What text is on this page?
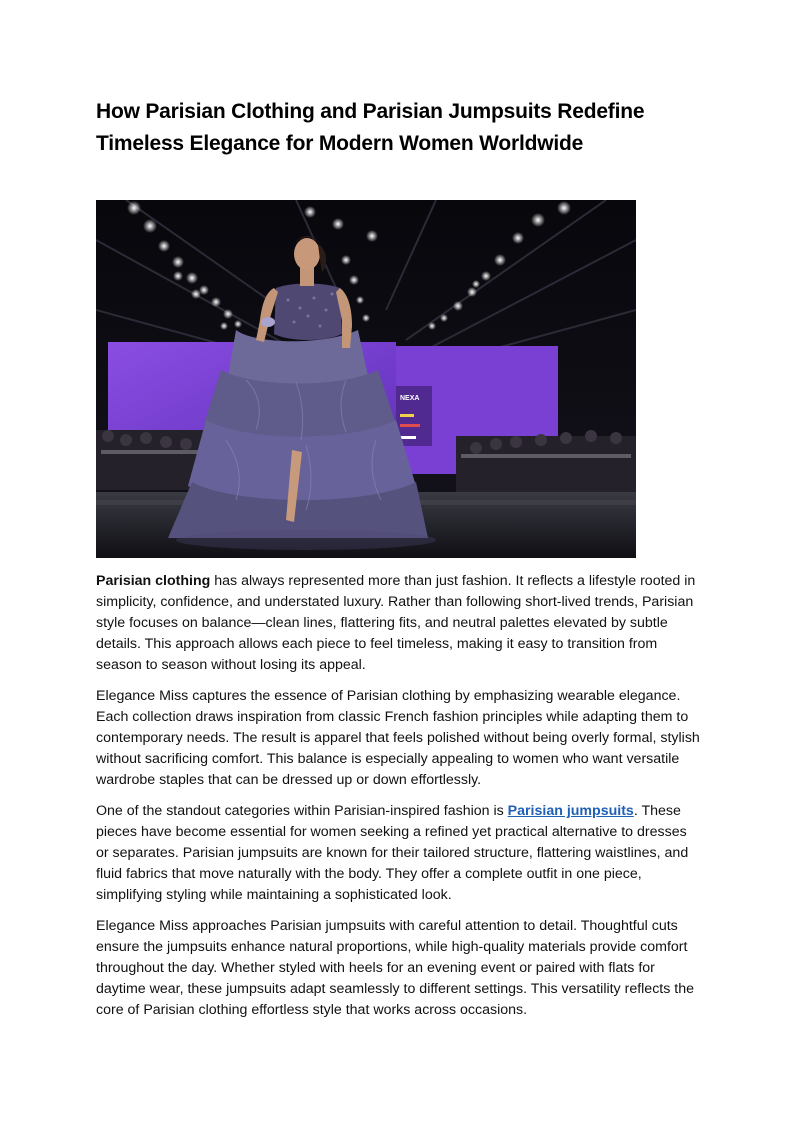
How Parisian Clothing and Parisian Jumpsuits Redefine
Timeless Elegance for Modern Women Worldwide
NEXA

Parisian clothing has always represented more than just fashion. It reflects a lifestyle rooted in simplicity, confidence, and understated luxury. Rather than following short-lived trends, Parisian style focuses on balance—clean lines, flattering fits, and neutral palettes elevated by subtle details. This approach allows each piece to feel timeless, making it easy to transition from season to season without losing its appeal.

Elegance Miss captures the essence of Parisian clothing by emphasizing wearable elegance. Each collection draws inspiration from classic French fashion principles while adapting them to contemporary needs. The result is apparel that feels polished without being overly formal, stylish without sacrificing comfort. This balance is especially appealing to women who want versatile wardrobe staples that can be dressed up or down effortlessly.

One of the standout categories within Parisian-inspired fashion is Parisian jumpsuits. These pieces have become essential for women seeking a refined yet practical alternative to dresses or separates. Parisian jumpsuits are known for their tailored structure, flattering waistlines, and fluid fabrics that move naturally with the body. They offer a complete outfit in one piece, simplifying styling while maintaining a sophisticated look.

Elegance Miss approaches Parisian jumpsuits with careful attention to detail. Thoughtful cuts ensure the jumpsuits enhance natural proportions, while high-quality materials provide comfort throughout the day. Whether styled with heels for an evening event or paired with flats for daytime wear, these jumpsuits adapt seamlessly to different settings. This versatility reflects the core of Parisian clothing effortless style that works across occasions.
